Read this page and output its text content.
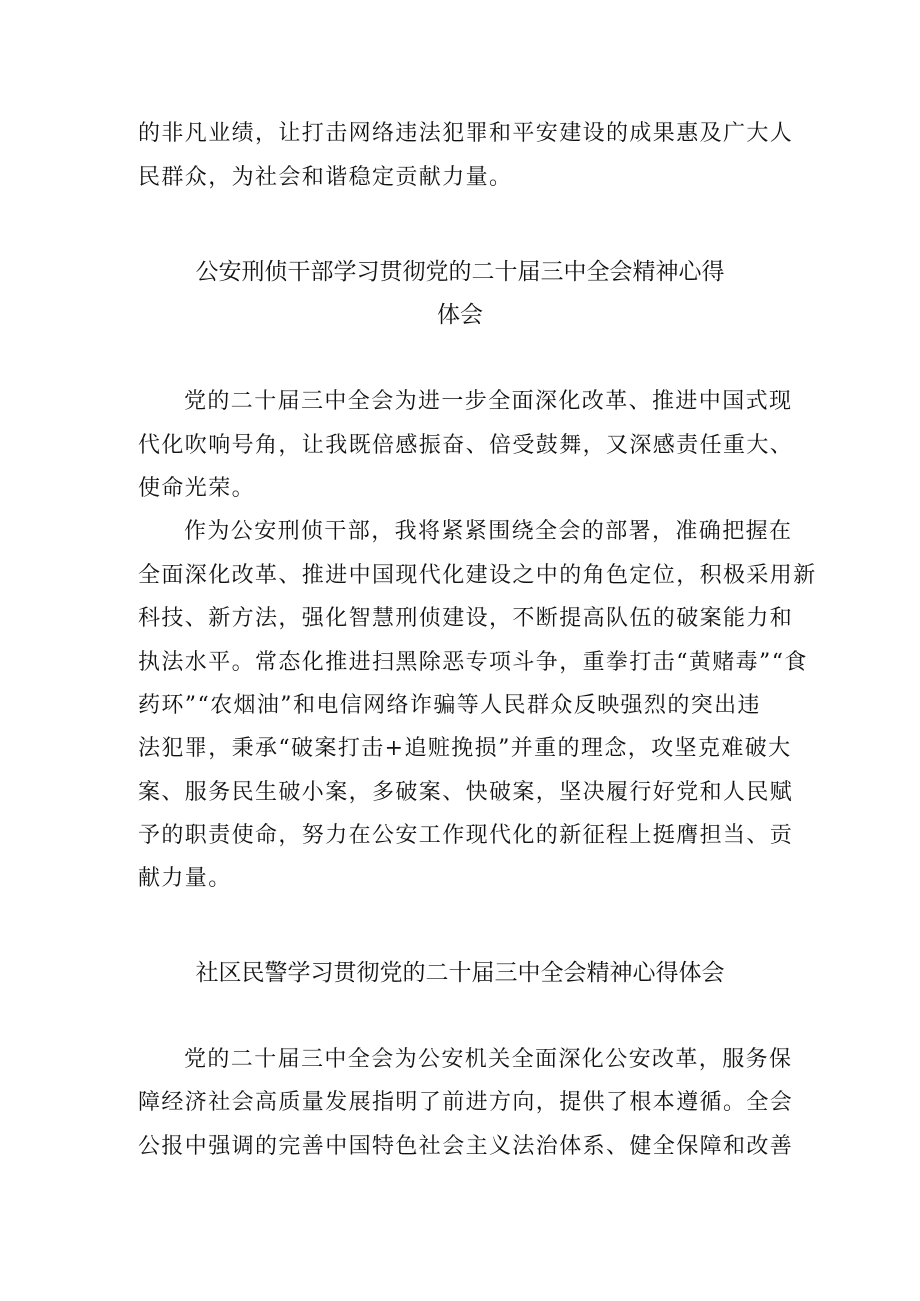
的非凡业绩，让打击网络违法犯罪和平安建设的成果惠及广大人
民群众，为社会和谐稳定贡献力量。
公安刑侦干部学习贯彻党的二十届三中全会精神心得
体会
党的二十届三中全会为进一步全面深化改革、推进中国式现
代化吹响号角，让我既倍感振奋、倍受鼓舞，又深感责任重大、
使命光荣。
作为公安刑侦干部，我将紧紧围绕全会的部署，准确把握在
全面深化改革、推进中国现代化建设之中的角色定位，积极采用新
科技、新方法，强化智慧刑侦建设，不断提高队伍的破案能力和
执法水平。常态化推进扫黑除恶专项斗争，重拳打击“黄赌毒”“食
药环”“农烟油”和电信网络诈骗等人民群众反映强烈的突出违
法犯罪，秉承“破案打击+追赃挽损”并重的理念，攻坚克难破大
案、服务民生破小案，多破案、快破案，坚决履行好党和人民赋
予的职责使命，努力在公安工作现代化的新征程上挺膺担当、贡
献力量。
社区民警学习贯彻党的二十届三中全会精神心得体会
党的二十届三中全会为公安机关全面深化公安改革，服务保
障经济社会高质量发展指明了前进方向，提供了根本遵循。全会
公报中强调的完善中国特色社会主义法治体系、健全保障和改善
